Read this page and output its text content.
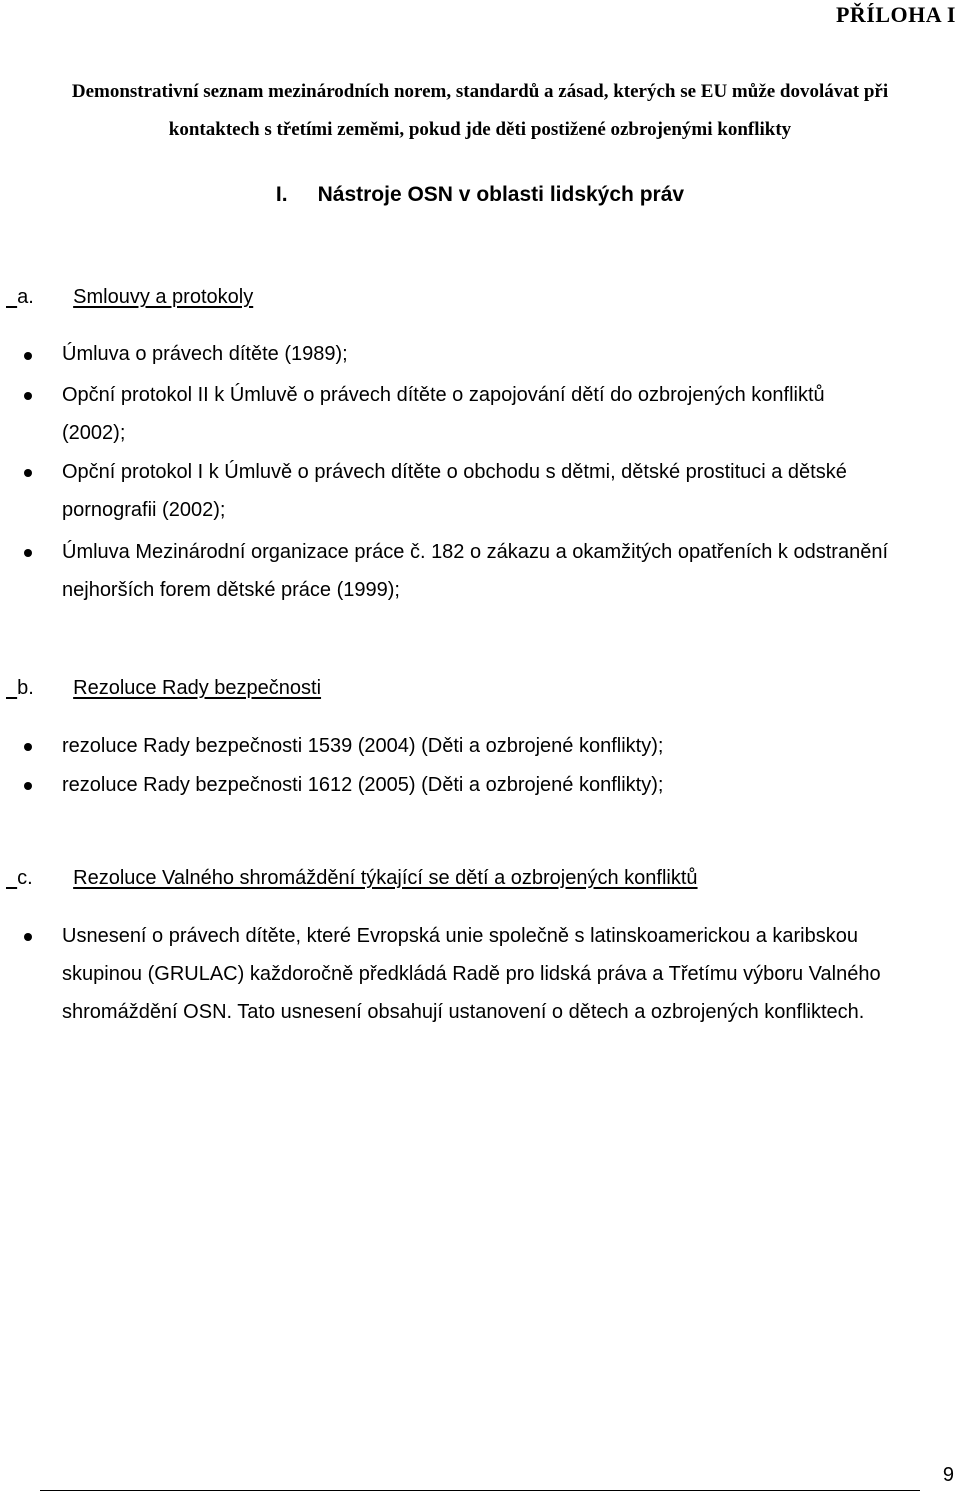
PŘÍLOHA I
Demonstrativní seznam mezinárodních norem, standardů a zásad, kterých se EU může dovolávat při
kontaktech s třetími zeměmi, pokud jde děti postižené ozbrojenými konflikty
I. Nástroje OSN v oblasti lidských práv

a. Smlouvy a protokoly

Úmluva o právech dítěte (1989);
Opční protokol II k Úmluvě o právech dítěte o zapojování dětí do ozbrojených konfliktů
(2002);
Opční protokol I k Úmluvě o právech dítěte o obchodu s dětmi, dětské prostituci a dětské
pornografii (2002);
Úmluva Mezinárodní organizace práce č. 182 o zákazu a okamžitých opatřeních k odstranění
nejhorších forem dětské práce (1999);

b. Rezoluce Rady bezpečnosti

rezoluce Rady bezpečnosti 1539 (2004) (Děti a ozbrojené konflikty);
rezoluce Rady bezpečnosti 1612 (2005) (Děti a ozbrojené konflikty);

c. Rezoluce Valného shromáždění týkající se dětí a ozbrojených konfliktů

Usnesení o právech dítěte, které Evropská unie společně s latinskoamerickou a karibskou
skupinou (GRULAC) každoročně předkládá Radě pro lidská práva a Třetímu výboru Valného
shromáždění OSN. Tato usnesení obsahují ustanovení o dětech a ozbrojených konfliktech.
9
